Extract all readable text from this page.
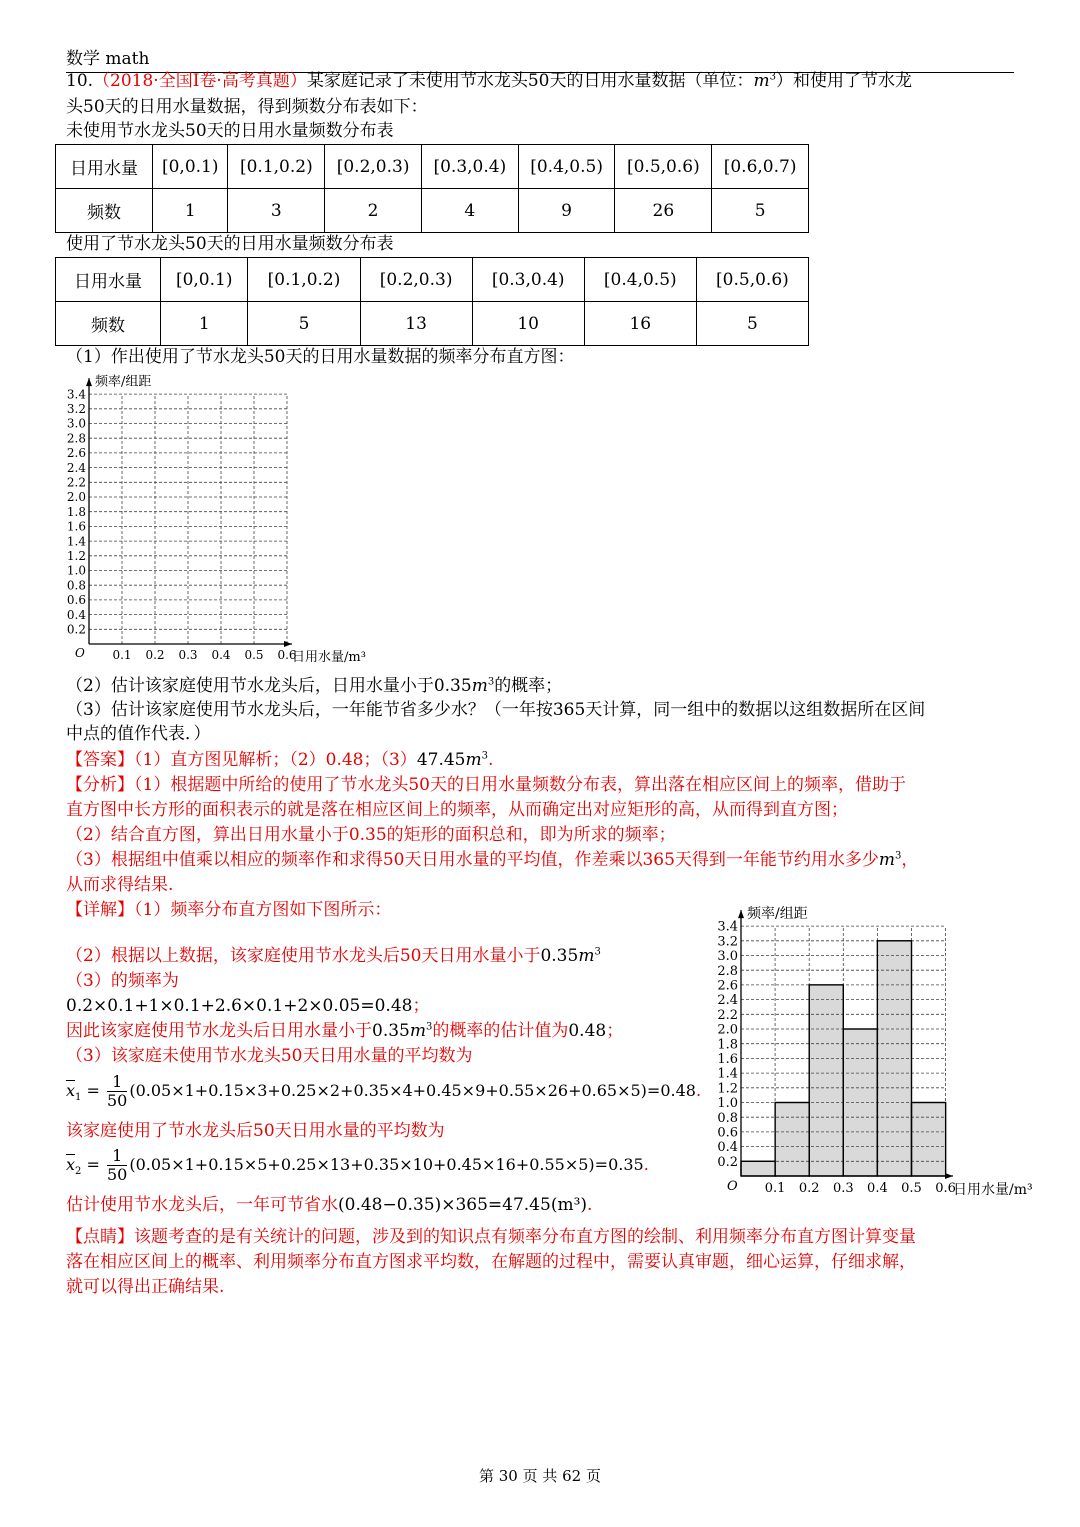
数学 math
10.（2018·全国I卷·高考真题）某家庭记录了未使用节水龙头50天的日用水量数据（单位：$m^3$）和使用了节水龙
头50天的日用水量数据，得到频数分布表如下：
未使用节水龙头50天的日用水量频数分布表
日用水量	[0,0.1)	[0.1,0.2)	[0.2,0.3)	[0.3,0.4)	[0.4,0.5)	[0.5,0.6)	[0.6,0.7)
频数	1	3	2	4	9	26	5
使用了节水龙头50天的日用水量频数分布表
日用水量	[0,0.1)	[0.1,0.2)	[0.2,0.3)	[0.3,0.4)	[0.4,0.5)	[0.5,0.6)
频数	1	5	13	10	16	5
（1）作出使用了节水龙头50天的日用水量数据的频率分布直方图：
0.2
0.4
0.6
0.8
1.0
1.2
1.4
1.6
1.8
2.0
2.2
2.4
2.6
2.8
3.0
3.2
3.4
0.1 0.2 0.3 0.4 0.5 0.6
频率/组距
日用水量/m³
O
（2）估计该家庭使用节水龙头后，日用水量小于$0.35m^3$的概率；
（3）估计该家庭使用节水龙头后，一年能节省多少水？（一年按365天计算，同一组中的数据以这组数据所在区间
中点的值作代表．）
【答案】（1）直方图见解析；（2）0.48；$(3)47.45m^3$.
【分析】（1）根据题中所给的使用了节水龙头50天的日用水量频数分布表，算出落在相应区间上的频率，借助于
直方图中长方形的面积表示的就是落在相应区间上的频率，从而确定出对应矩形的高，从而得到直方图；
（2）结合直方图，算出日用水量小于0.35的矩形的面积总和，即为所求的频率；
（3）根据组中值乘以相应的频率作和求得50天日用水量的平均值，作差乘以365天得到一年能节约用水多少$m^3$，
从而求得结果.
【详解】（1）频率分布直方图如下图所示：
（2）根据以上数据，该家庭使用节水龙头后50天日用水量小于$0.35m^3$
（3）的频率为
0.2×0.1+1×0.1+2.6×0.1+2×0.05=0.48；
因此该家庭使用节水龙头后日用水量小于$0.35m^3$的概率的估计值为0.48；
（3）该家庭未使用节水龙头50天日用水量的平均数为
$\overline{x}_1 = \frac{1}{50} (0.05\times 1+0.15\times 3+0.25\times 2+0.35\times 4+0.45\times 9+0.55\times 26+0.65\times 5)=0.48$.
该家庭使用了节水龙头后50天日用水量的平均数为
$\overline{x}_2 = \frac{1}{50} (0.05\times 1+0.15\times 5+0.25\times 13+0.35\times 10+0.45\times 16+0.55\times 5)=0.35$.
估计使用节水龙头后，一年可节省水(0.48−0.35)×365=47.45(m³).
【点睛】该题考查的是有关统计的问题，涉及到的知识点有频率分布直方图的绘制、利用频率分布直方图计算变量
落在相应区间上的概率、利用频率分布直方图求平均数，在解题的过程中，需要认真审题，细心运算，仔细求解，
就可以得出正确结果.
0.2
0.4
0.6
0.8
1.0
1.2
1.4
1.6
1.8
2.0
2.2
2.4
2.6
2.8
3.0
3.2
3.4
0.1 0.2 0.3 0.4 0.5 0.6
频率/组距
日用水量/m³
O
第 30 页 共 62 页
